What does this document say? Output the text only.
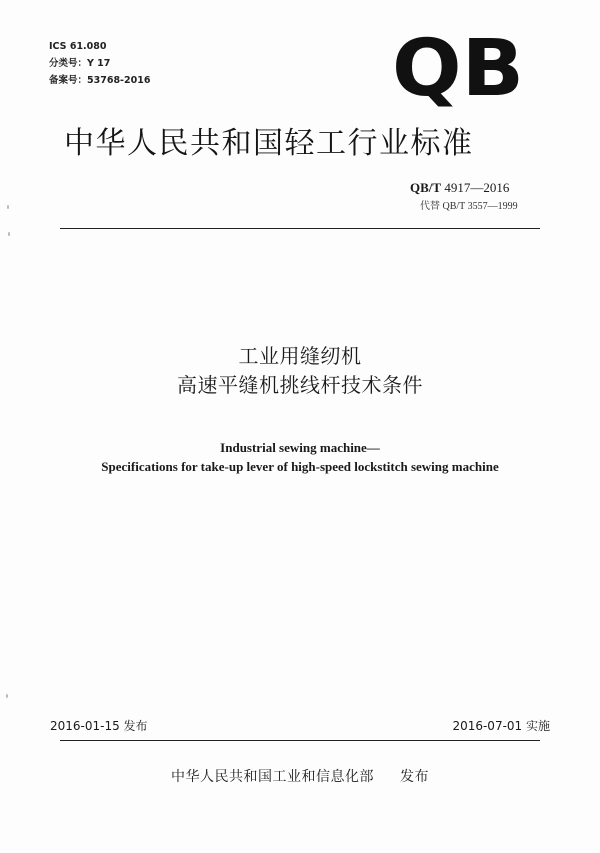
ICS 61.080
分类号：Y 17
备案号：53768-2016	QB
中华人民共和国轻工行业标准
QB/T 4917—2016
代替 QB/T 3557—1999
工业用缝纫机
高速平缝机挑线杆技术条件
Industrial sewing machine—
Specifications for take-up lever of high-speed lockstitch sewing machine
2016-01-15 发布	2016-07-01 实施
中华人民共和国工业和信息化部 发布
